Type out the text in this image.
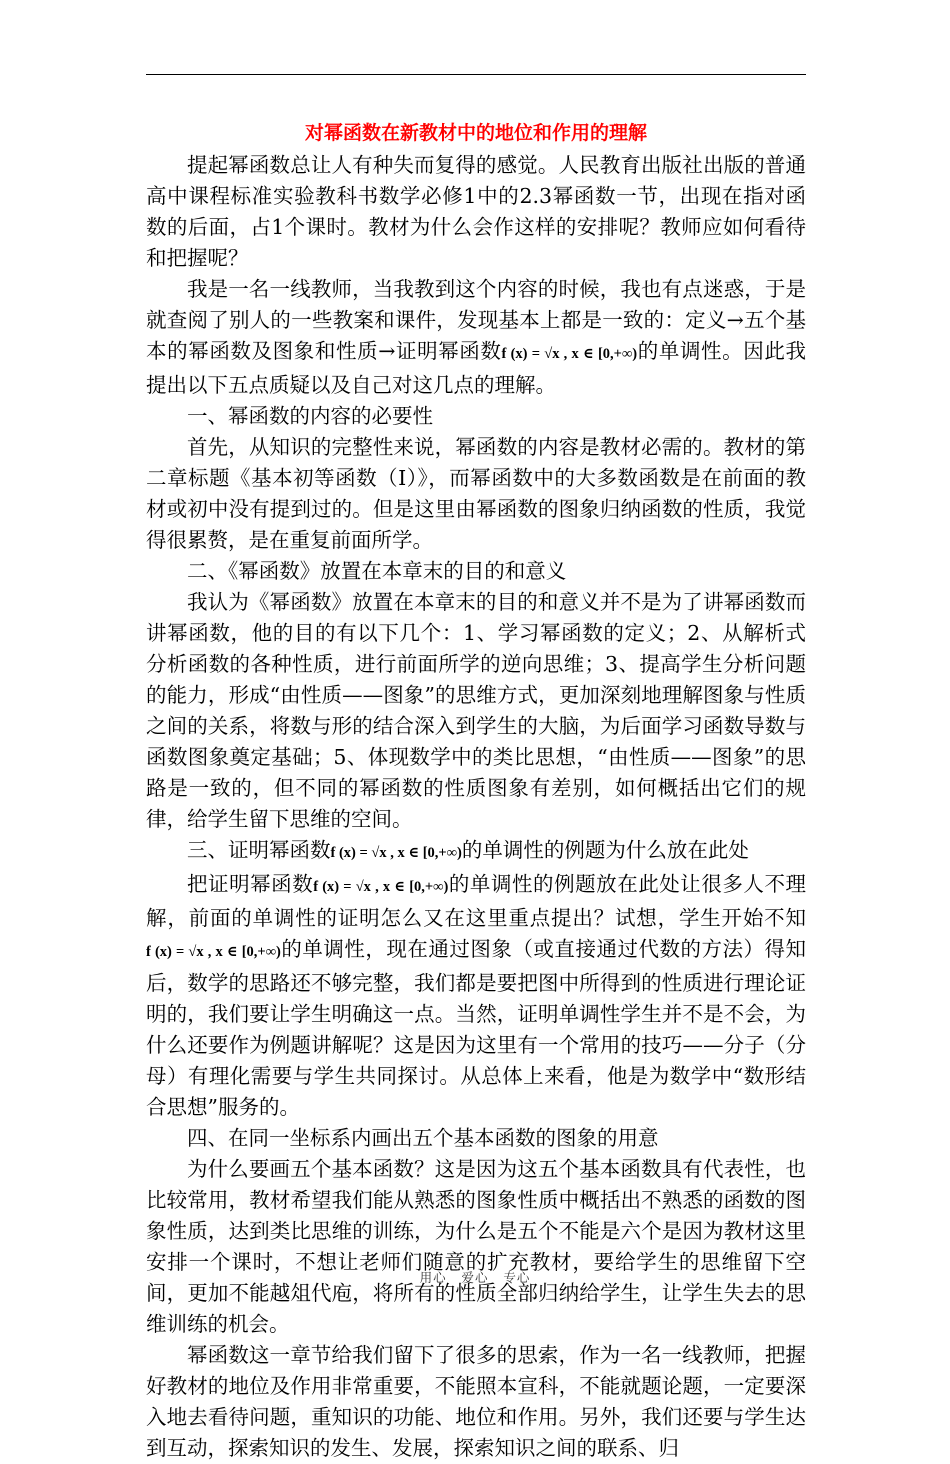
对幂函数在新教材中的地位和作用的理解

提起幂函数总让人有种失而复得的感觉。人民教育出版社出版的普通高中课程标准实验教科书数学必修1中的2.3幂函数一节，出现在指对函数的后面，占1个课时。教材为什么会作这样的安排呢？教师应如何看待和把握呢？

我是一名一线教师，当我教到这个内容的时候，我也有点迷惑，于是就查阅了别人的一些教案和课件，发现基本上都是一致的：定义→五个基本的幂函数及图象和性质→证明幂函数f (x) = √x , x ∈ [0,+∞)的单调性。因此我提出以下五点质疑以及自己对这几点的理解。

一、幂函数的内容的必要性

首先，从知识的完整性来说，幂函数的内容是教材必需的。教材的第二章标题《基本初等函数（Ⅰ）》，而幂函数中的大多数函数是在前面的教材或初中没有提到过的。但是这里由幂函数的图象归纳函数的性质，我觉得很累赘，是在重复前面所学。

二、《幂函数》放置在本章末的目的和意义

我认为《幂函数》放置在本章末的目的和意义并不是为了讲幂函数而讲幂函数，他的目的有以下几个：1、学习幂函数的定义；2、从解析式分析函数的各种性质，进行前面所学的逆向思维；3、提高学生分析问题的能力，形成“由性质——图象”的思维方式，更加深刻地理解图象与性质之间的关系，将数与形的结合深入到学生的大脑，为后面学习函数导数与函数图象奠定基础；5、体现数学中的类比思想，“由性质——图象”的思路是一致的，但不同的幂函数的性质图象有差别，如何概括出它们的规律，给学生留下思维的空间。

三、证明幂函数f (x) = √x , x ∈ [0,+∞)的单调性的例题为什么放在此处

把证明幂函数f (x) = √x , x ∈ [0,+∞)的单调性的例题放在此处让很多人不理解，前面的单调性的证明怎么又在这里重点提出？试想，学生开始不知f (x) = √x , x ∈ [0,+∞)的单调性，现在通过图象（或直接通过代数的方法）得知后，数学的思路还不够完整，我们都是要把图中所得到的性质进行理论证明的，我们要让学生明确这一点。当然，证明单调性学生并不是不会，为什么还要作为例题讲解呢？这是因为这里有一个常用的技巧——分子（分母）有理化需要与学生共同探讨。从总体上来看，他是为数学中“数形结合思想”服务的。

四、在同一坐标系内画出五个基本函数的图象的用意

为什么要画五个基本函数？这是因为这五个基本函数具有代表性，也比较常用，教材希望我们能从熟悉的图象性质中概括出不熟悉的函数的图象性质，达到类比思维的训练，为什么是五个不能是六个是因为教材这里安排一个课时，不想让老师们随意的扩充教材，要给学生的思维留下空间，更加不能越俎代庖，将所有的性质全部归纳给学生，让学生失去的思维训练的机会。

幂函数这一章节给我们留下了很多的思索，作为一名一线教师，把握好教材的地位及作用非常重要，不能照本宣科，不能就题论题，一定要深入地去看待问题，重知识的功能、地位和作用。另外，我们还要与学生达到互动，探索知识的发生、发展，探索知识之间的联系、归

用心   爱心   专心
